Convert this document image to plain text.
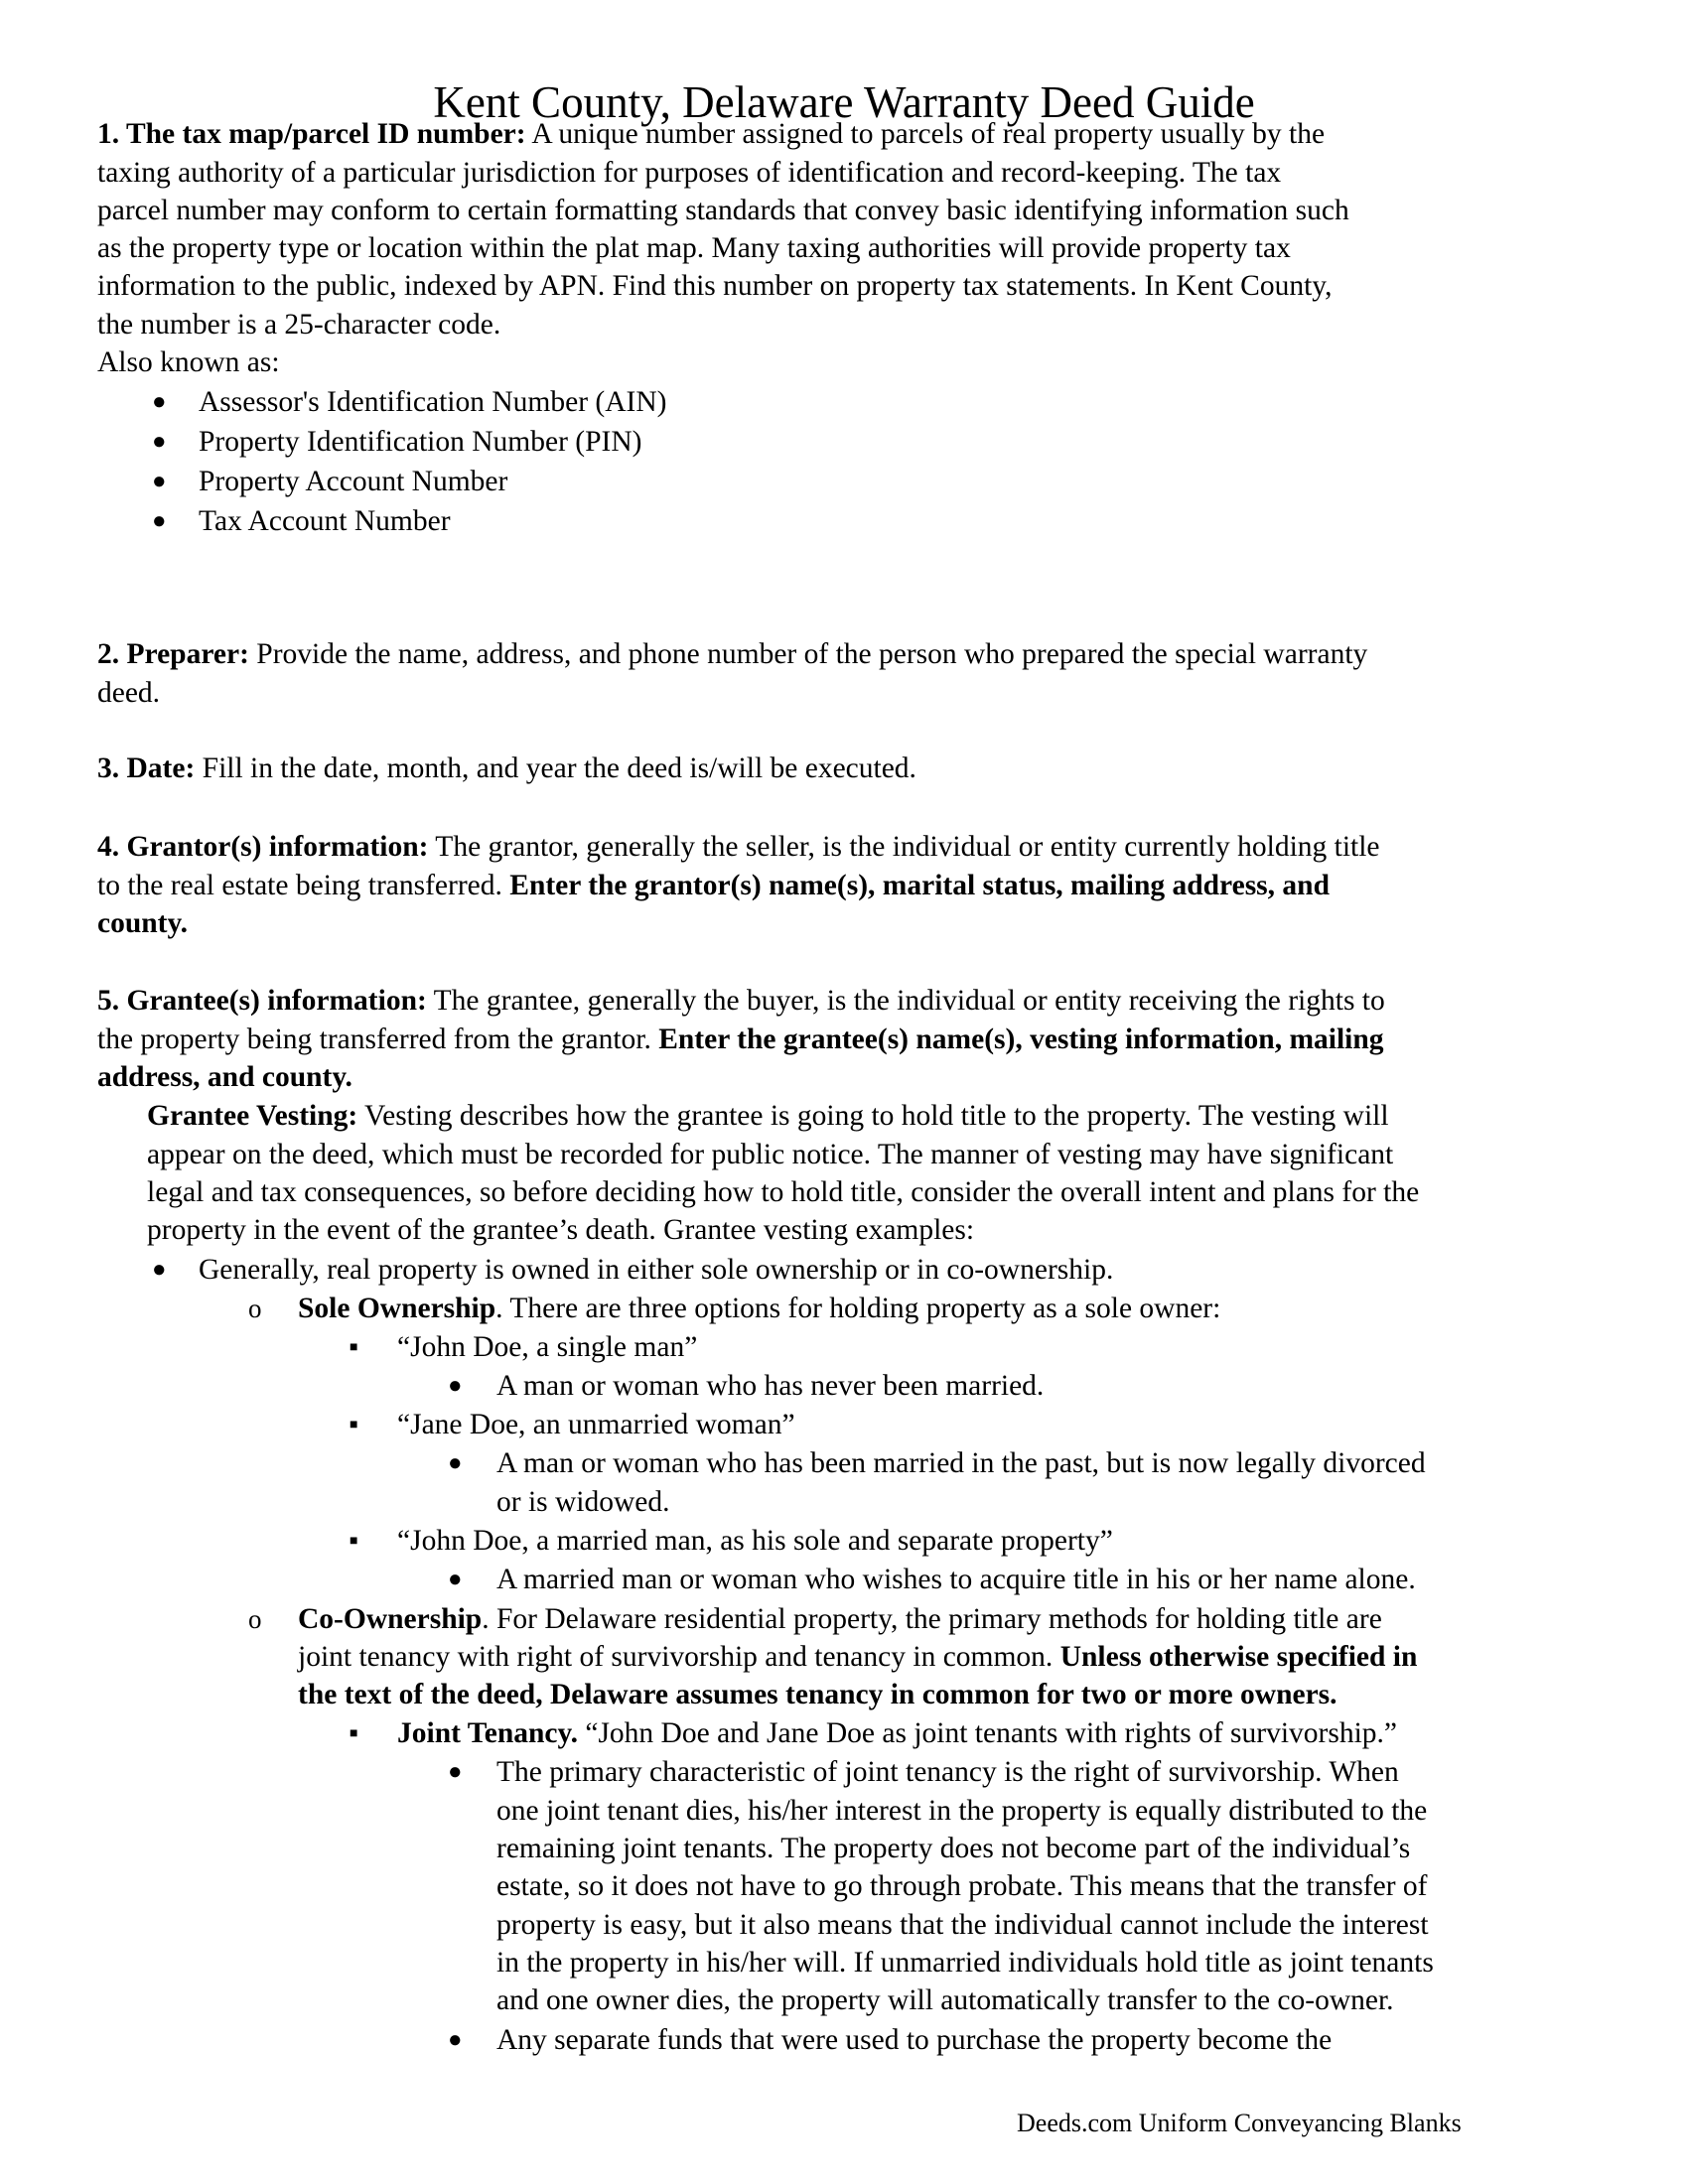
Kent County, Delaware Warranty Deed Guide
1. The tax map/parcel ID number: A unique number assigned to parcels of real property usually by the
taxing authority of a particular jurisdiction for purposes of identification and record-keeping. The tax
parcel number may conform to certain formatting standards that convey basic identifying information such
as the property type or location within the plat map. Many taxing authorities will provide property tax
information to the public, indexed by APN. Find this number on property tax statements. In Kent County,
the number is a 25-character code.
Also known as:
● Assessor's Identification Number (AIN)
● Property Identification Number (PIN)
● Property Account Number
● Tax Account Number
2. Preparer: Provide the name, address, and phone number of the person who prepared the special warranty
deed.
3. Date: Fill in the date, month, and year the deed is/will be executed.
4. Grantor(s) information: The grantor, generally the seller, is the individual or entity currently holding title
to the real estate being transferred. Enter the grantor(s) name(s), marital status, mailing address, and
county.
5. Grantee(s) information: The grantee, generally the buyer, is the individual or entity receiving the rights to
the property being transferred from the grantor. Enter the grantee(s) name(s), vesting information, mailing
address, and county.
Grantee Vesting: Vesting describes how the grantee is going to hold title to the property. The vesting will
appear on the deed, which must be recorded for public notice. The manner of vesting may have significant
legal and tax consequences, so before deciding how to hold title, consider the overall intent and plans for the
property in the event of the grantee’s death. Grantee vesting examples:
● Generally, real property is owned in either sole ownership or in co-ownership.
o Sole Ownership. There are three options for holding property as a sole owner:
■ “John Doe, a single man”
● A man or woman who has never been married.
■ “Jane Doe, an unmarried woman”
● A man or woman who has been married in the past, but is now legally divorced
or is widowed.
■ “John Doe, a married man, as his sole and separate property”
● A married man or woman who wishes to acquire title in his or her name alone.
o Co-Ownership. For Delaware residential property, the primary methods for holding title are
joint tenancy with right of survivorship and tenancy in common. Unless otherwise specified in
the text of the deed, Delaware assumes tenancy in common for two or more owners.
■ Joint Tenancy. “John Doe and Jane Doe as joint tenants with rights of survivorship.”
● The primary characteristic of joint tenancy is the right of survivorship. When
one joint tenant dies, his/her interest in the property is equally distributed to the
remaining joint tenants. The property does not become part of the individual’s
estate, so it does not have to go through probate. This means that the transfer of
property is easy, but it also means that the individual cannot include the interest
in the property in his/her will. If unmarried individuals hold title as joint tenants
and one owner dies, the property will automatically transfer to the co-owner.
● Any separate funds that were used to purchase the property become the
Deeds.com Uniform Conveyancing Blanks
